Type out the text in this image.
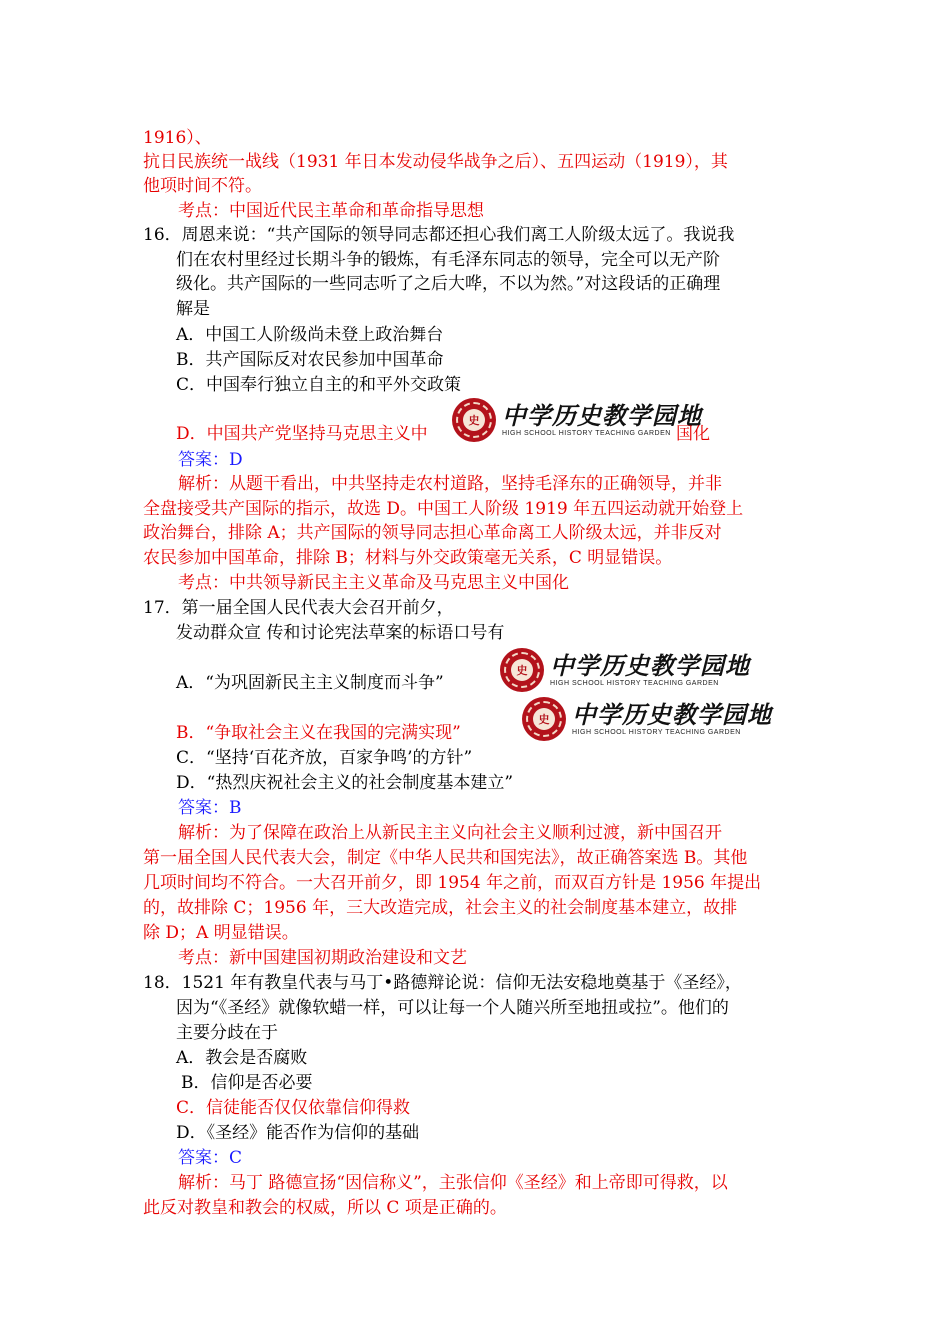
1916）、
抗日民族统一战线（1931 年日本发动侵华战争之后）、五四运动（1919），其
他项时间不符。
考点：中国近代民主革命和革命指导思想
16．周恩来说：“共产国际的领导同志都还担心我们离工人阶级太远了。我说我
们在农村里经过长期斗争的锻炼，有毛泽东同志的领导，完全可以无产阶
级化。共产国际的一些同志听了之后大哗，不以为然。”对这段话的正确理
解是
A．中国工人阶级尚未登上政治舞台
B．共产国际反对农民参加中国革命
C．中国奉行独立自主的和平外交政策
D．中国共产党坚持马克思主义中	国化
史 中学历史教学园地
HIGH SCHOOL HISTORY TEACHING GARDEN
答案：D
解析：从题干看出，中共坚持走农村道路，坚持毛泽东的正确领导，并非
全盘接受共产国际的指示，故选 D。中国工人阶级 1919 年五四运动就开始登上
政治舞台，排除 A；共产国际的领导同志担心革命离工人阶级太远，并非反对
农民参加中国革命，排除 B；材料与外交政策毫无关系，C 明显错误。
考点：中共领导新民主主义革命及马克思主义中国化
17．第一届全国人民代表大会召开前夕，
发动群众宣 传和讨论宪法草案的标语口号有
A．“为巩固新民主主义制度而斗争”
史 中学历史教学园地
HIGH SCHOOL HISTORY TEACHING GARDEN
B．“争取社会主义在我国的完满实现”
史 中学历史教学园地
HIGH SCHOOL HISTORY TEACHING GARDEN
C．“坚持‘百花齐放，百家争鸣’的方针”
D．“热烈庆祝社会主义的社会制度基本建立”
答案：B
解析：为了保障在政治上从新民主主义向社会主义顺利过渡，新中国召开
第一届全国人民代表大会，制定《中华人民共和国宪法》，故正确答案选 B。其他
几项时间均不符合。一大召开前夕，即 1954 年之前，而双百方针是 1956 年提出
的，故排除 C；1956 年，三大改造完成，社会主义的社会制度基本建立，故排
除 D；A 明显错误。
考点：新中国建国初期政治建设和文艺
18．1521 年有教皇代表与马丁•路德辩论说：信仰无法安稳地奠基于《圣经》，
因为“《圣经》就像软蜡一样，可以让每一个人随兴所至地扭或拉”。他们的
主要分歧在于
A．教会是否腐败
B．信仰是否必要
C．信徒能否仅仅依靠信仰得救
D．《圣经》能否作为信仰的基础
答案：C
解析：马丁 路德宣扬“因信称义”，主张信仰《圣经》和上帝即可得救，以
此反对教皇和教会的权威，所以 C 项是正确的。
